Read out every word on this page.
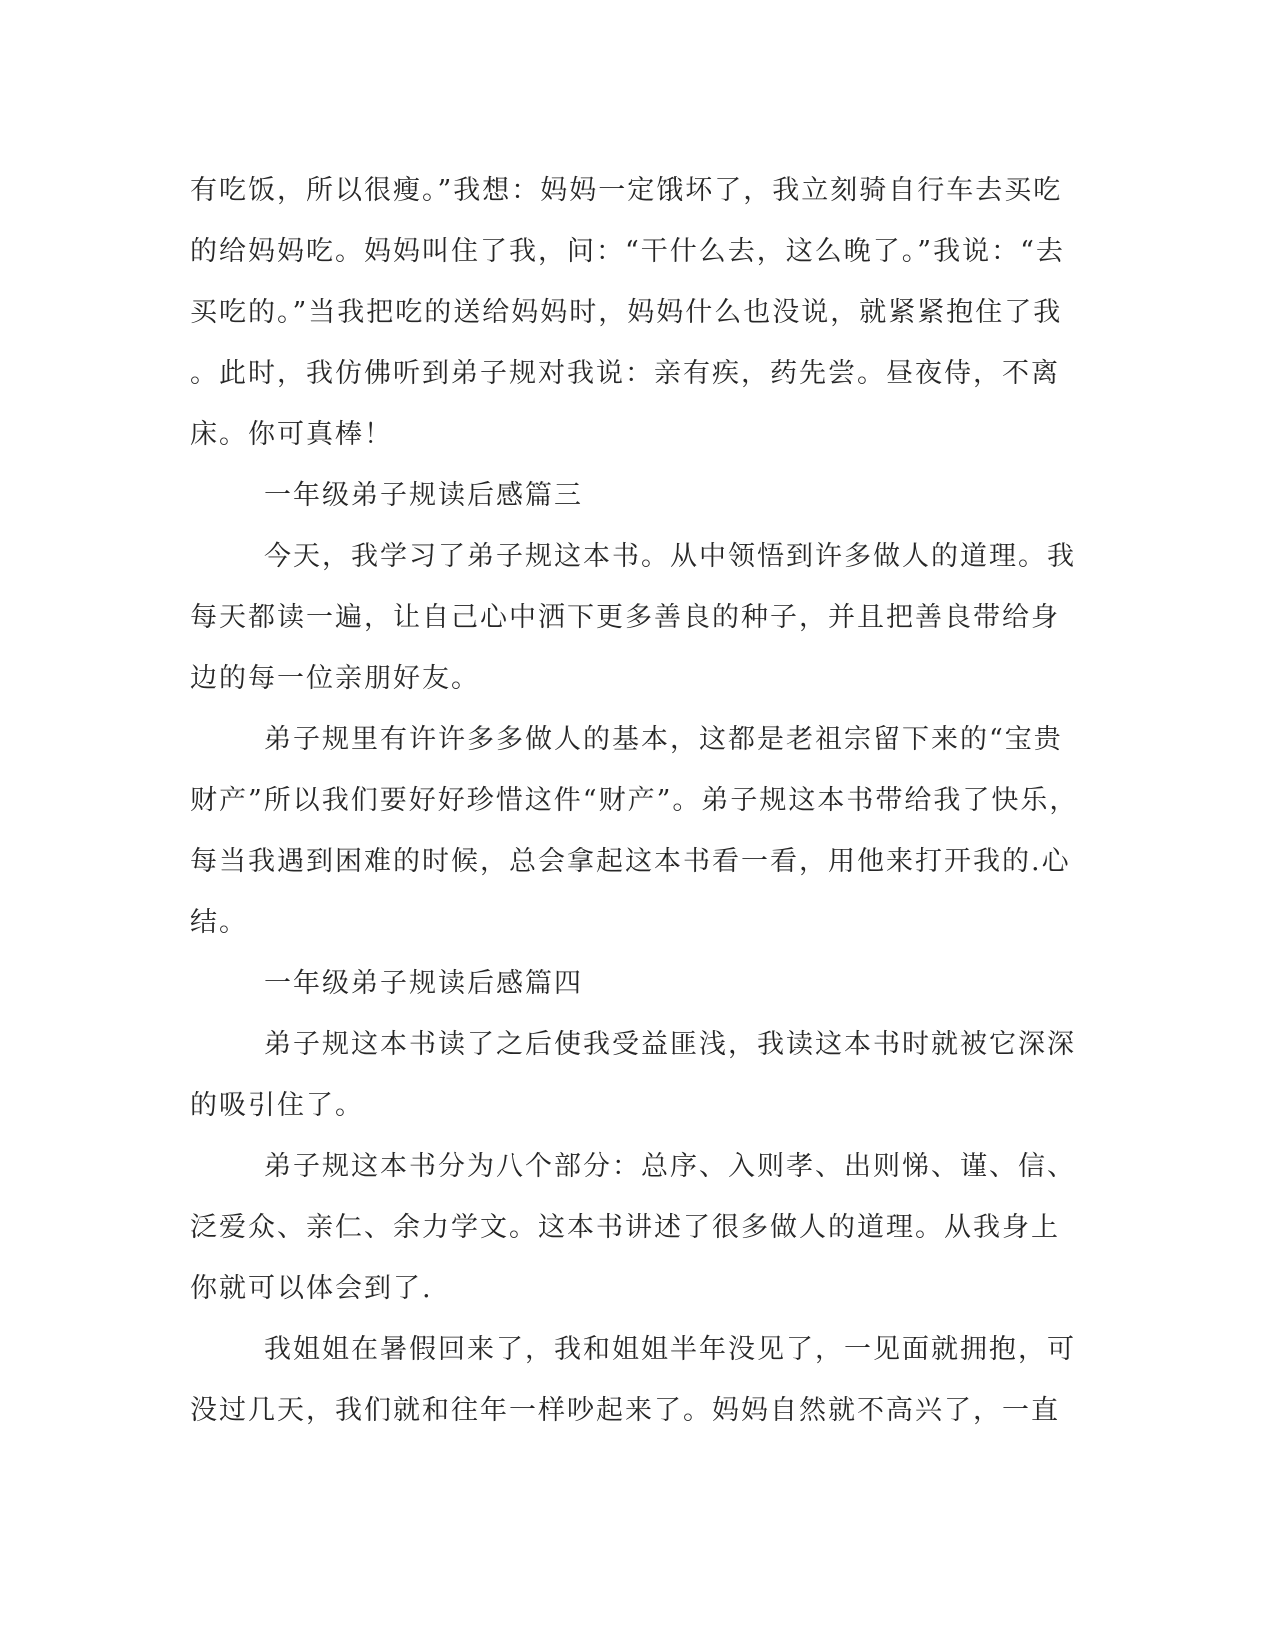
有吃饭，所以很瘦。”我想：妈妈一定饿坏了，我立刻骑自行车去买吃
的给妈妈吃。妈妈叫住了我，问：“干什么去，这么晚了。”我说：“去
买吃的。”当我把吃的送给妈妈时，妈妈什么也没说，就紧紧抱住了我
。此时，我仿佛听到弟子规对我说：亲有疾，药先尝。昼夜侍，不离
床。你可真棒！
一年级弟子规读后感篇三
今天，我学习了弟子规这本书。从中领悟到许多做人的道理。我
每天都读一遍，让自己心中洒下更多善良的种子，并且把善良带给身
边的每一位亲朋好友。
弟子规里有许许多多做人的基本，这都是老祖宗留下来的“宝贵
财产”所以我们要好好珍惜这件“财产”。弟子规这本书带给我了快乐，
每当我遇到困难的时候，总会拿起这本书看一看，用他来打开我的.心
结。
一年级弟子规读后感篇四
弟子规这本书读了之后使我受益匪浅，我读这本书时就被它深深
的吸引住了。
弟子规这本书分为八个部分：总序、入则孝、出则悌、谨、信、
泛爱众、亲仁、余力学文。这本书讲述了很多做人的道理。从我身上
你就可以体会到了.
我姐姐在暑假回来了，我和姐姐半年没见了，一见面就拥抱，可
没过几天，我们就和往年一样吵起来了。妈妈自然就不高兴了，一直
